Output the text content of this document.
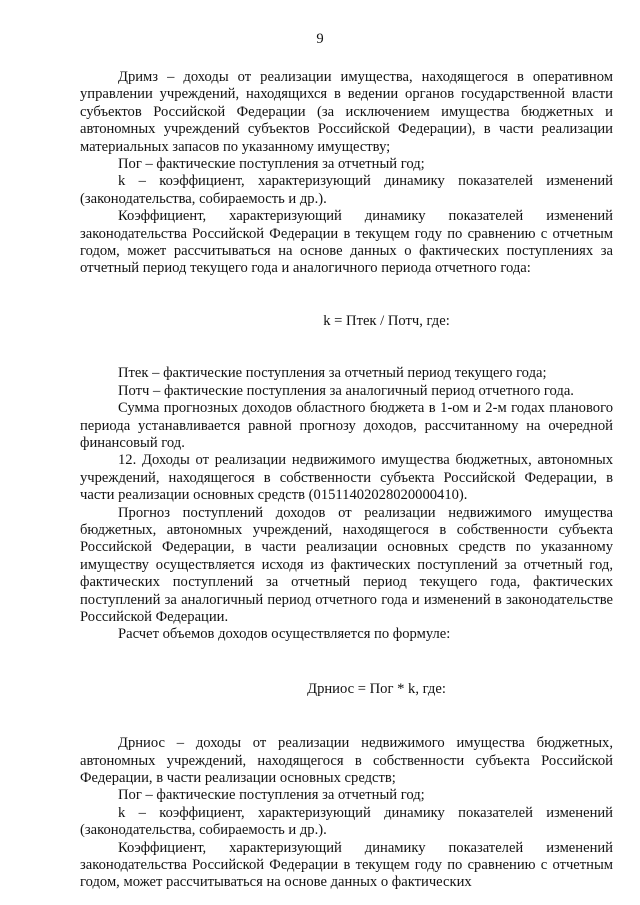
9

Дримз – доходы от реализации имущества, находящегося в оперативном управлении учреждений, находящихся в ведении органов государственной власти субъектов Российской Федерации (за исключением имущества бюджетных и автономных учреждений субъектов Российской Федерации), в части реализации материальных запасов по указанному имуществу;

Пог – фактические поступления за отчетный год;

k – коэффициент, характеризующий динамику показателей изменений (законодательства, собираемость и др.).

Коэффициент, характеризующий динамику показателей изменений законодательства Российской Федерации в текущем году по сравнению с отчетным годом, может рассчитываться на основе данных о фактических поступлениях за отчетный период текущего года и аналогичного периода отчетного года:

k = Птек / Потч, где:

Птек – фактические поступления за отчетный период текущего года;

Потч – фактические поступления за аналогичный период отчетного года.

Сумма прогнозных доходов областного бюджета в 1-ом и 2-м годах планового периода устанавливается равной прогнозу доходов, рассчитанному на очередной финансовый год.

12. Доходы от реализации недвижимого имущества бюджетных, автономных учреждений, находящегося в собственности субъекта Российской Федерации, в части реализации основных средств (01511402028020000410).

Прогноз поступлений доходов от реализации недвижимого имущества бюджетных, автономных учреждений, находящегося в собственности субъекта Российской Федерации, в части реализации основных средств по указанному имуществу осуществляется исходя из фактических поступлений за отчетный год, фактических поступлений за отчетный период текущего года, фактических поступлений за аналогичный период отчетного года и изменений в законодательстве Российской Федерации.

Расчет объемов доходов осуществляется по формуле:

Дрниос = Пог * k, где:

Дрниос – доходы от реализации недвижимого имущества бюджетных, автономных учреждений, находящегося в собственности субъекта Российской Федерации, в части реализации основных средств;

Пог – фактические поступления за отчетный год;

k – коэффициент, характеризующий динамику показателей изменений (законодательства, собираемость и др.).

Коэффициент, характеризующий динамику показателей изменений законодательства Российской Федерации в текущем году по сравнению с отчетным годом, может рассчитываться на основе данных о фактических
